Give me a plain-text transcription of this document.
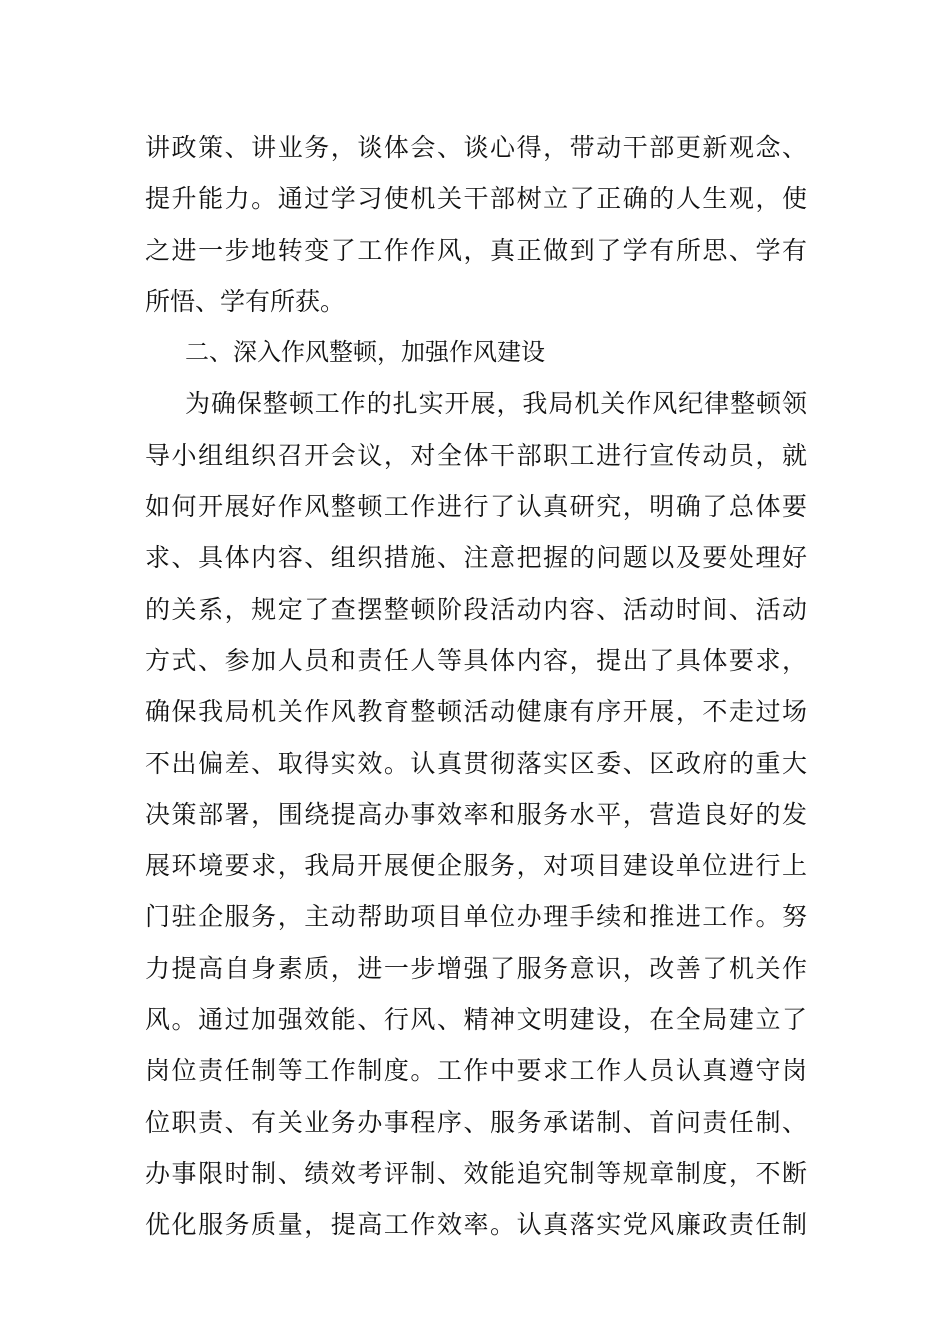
讲政策、讲业务，谈体会、谈心得，带动干部更新观念、
提升能力。通过学习使机关干部树立了正确的人生观，使
之进一步地转变了工作作风，真正做到了学有所思、学有
所悟、学有所获。
二、深入作风整顿，加强作风建设
为确保整顿工作的扎实开展，我局机关作风纪律整顿领
导小组组织召开会议，对全体干部职工进行宣传动员，就
如何开展好作风整顿工作进行了认真研究，明确了总体要
求、具体内容、组织措施、注意把握的问题以及要处理好
的关系，规定了查摆整顿阶段活动内容、活动时间、活动
方式、参加人员和责任人等具体内容，提出了具体要求，
确保我局机关作风教育整顿活动健康有序开展，不走过场
不出偏差、取得实效。认真贯彻落实区委、区政府的重大
决策部署，围绕提高办事效率和服务水平，营造良好的发
展环境要求，我局开展便企服务，对项目建设单位进行上
门驻企服务，主动帮助项目单位办理手续和推进工作。努
力提高自身素质，进一步增强了服务意识，改善了机关作
风。通过加强效能、行风、精神文明建设，在全局建立了
岗位责任制等工作制度。工作中要求工作人员认真遵守岗
位职责、有关业务办事程序、服务承诺制、首问责任制、
办事限时制、绩效考评制、效能追究制等规章制度，不断
优化服务质量，提高工作效率。认真落实党风廉政责任制
